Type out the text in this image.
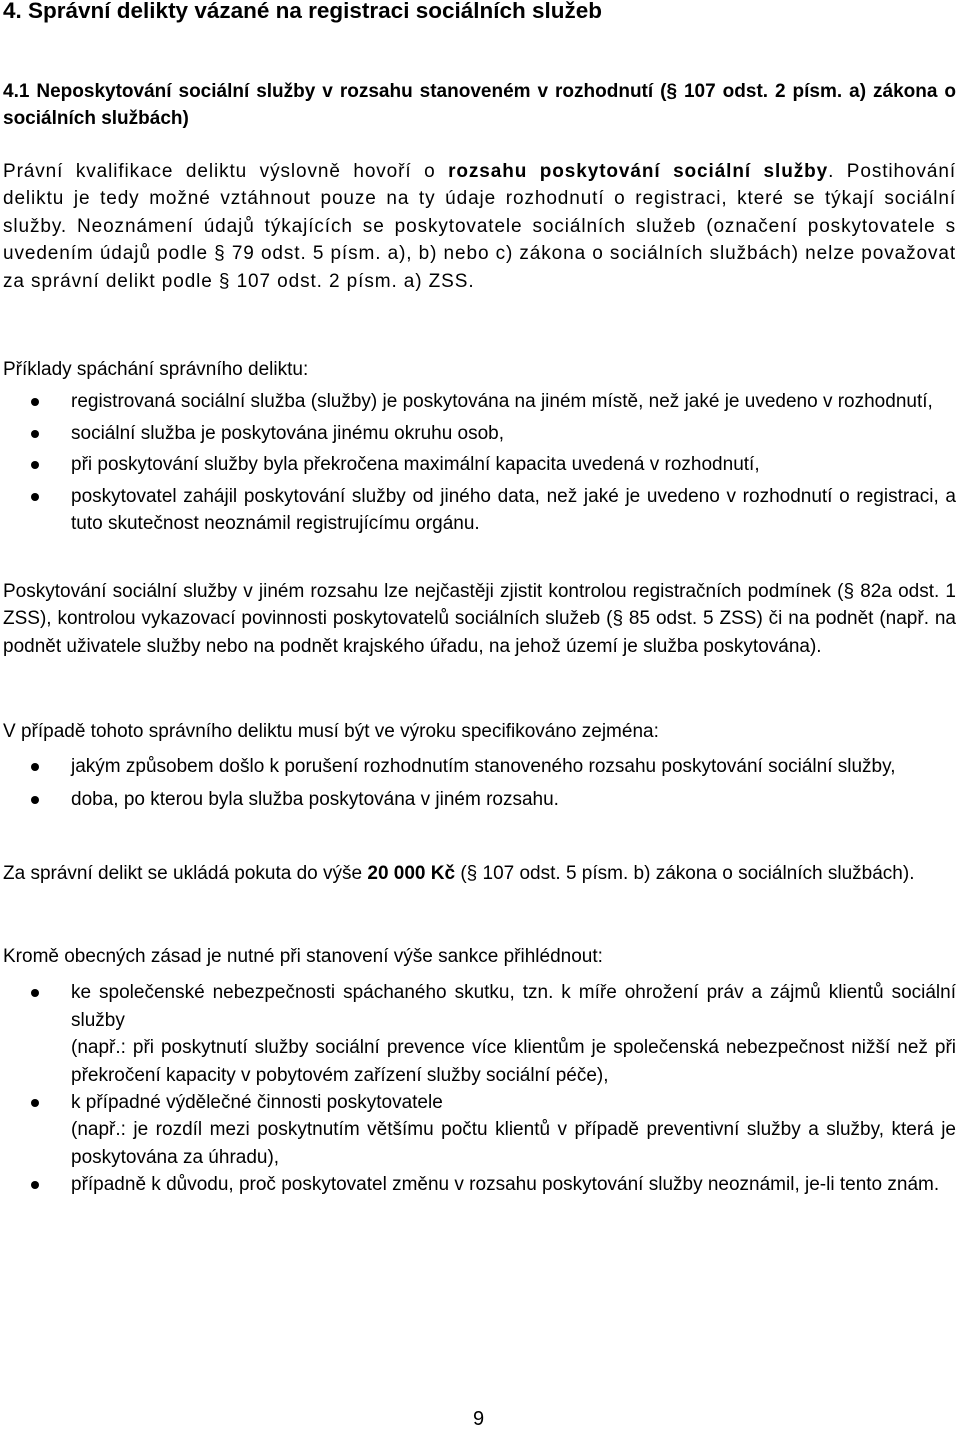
4. Správní delikty vázané na registraci sociálních služeb
4.1 Neposkytování sociální služby v rozsahu stanoveném v rozhodnutí (§ 107 odst. 2 písm. a) zákona o sociálních službách)

Právní kvalifikace deliktu výslovně hovoří o rozsahu poskytování sociální služby. Postihování deliktu je tedy možné vztáhnout pouze na ty údaje rozhodnutí o registraci, které se týkají sociální služby. Neoznámení údajů týkajících se poskytovatele sociálních služeb (označení poskytovatele s uvedením údajů podle § 79 odst. 5 písm. a), b) nebo c) zákona o sociálních službách) nelze považovat za správní delikt podle § 107 odst. 2 písm. a) ZSS.

Příklady spáchání správního deliktu:

registrovaná sociální služba (služby) je poskytována na jiném místě, než jaké je uvedeno v rozhodnutí,
sociální služba je poskytována jinému okruhu osob,
při poskytování služby byla překročena maximální kapacita uvedená v rozhodnutí,
poskytovatel zahájil poskytování služby od jiného data, než jaké je uvedeno v rozhodnutí o registraci, a tuto skutečnost neoznámil registrujícímu orgánu.

Poskytování sociální služby v jiném rozsahu lze nejčastěji zjistit kontrolou registračních podmínek (§ 82a odst. 1 ZSS), kontrolou vykazovací povinnosti poskytovatelů sociálních služeb (§ 85 odst. 5 ZSS) či na podnět (např. na podnět uživatele služby nebo na podnět krajského úřadu, na jehož území je služba poskytována).

V případě tohoto správního deliktu musí být ve výroku specifikováno zejména:

jakým způsobem došlo k porušení rozhodnutím stanoveného rozsahu poskytování sociální služby,
doba, po kterou byla služba poskytována v jiném rozsahu.

Za správní delikt se ukládá pokuta do výše 20 000 Kč (§ 107 odst. 5 písm. b) zákona o sociálních službách).

Kromě obecných zásad je nutné při stanovení výše sankce přihlédnout:

ke společenské nebezpečnosti spáchaného skutku, tzn. k míře ohrožení práv a zájmů klientů sociální služby
(např.: při poskytnutí služby sociální prevence více klientům je společenská nebezpečnost nižší než při překročení kapacity v pobytovém zařízení služby sociální péče),
k případné výdělečné činnosti poskytovatele
(např.: je rozdíl mezi poskytnutím většímu počtu klientů v případě preventivní služby a služby, která je poskytována za úhradu),
případně k důvodu, proč poskytovatel změnu v rozsahu poskytování služby neoznámil, je-li tento znám.
9
